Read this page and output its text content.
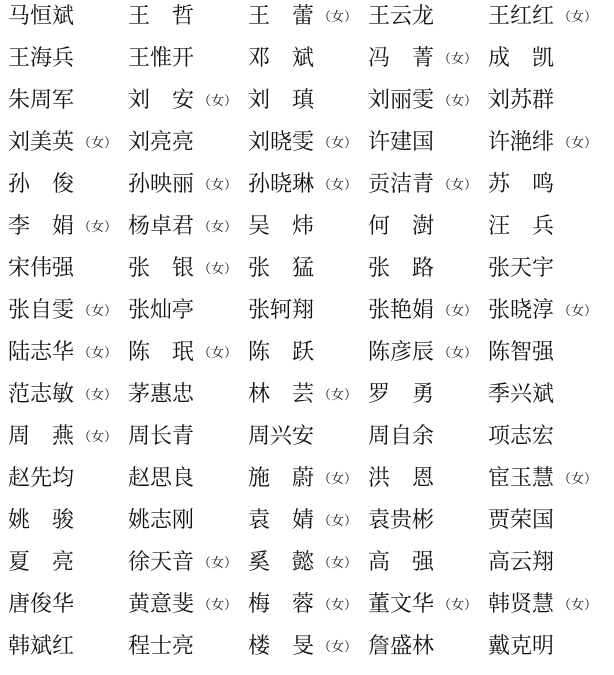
马恒斌 王　哲 王　蕾 （女） 王云龙 王红红 （女）
王海兵 王惟开 邓　斌 冯　菁 （女） 成　凯
朱周军 刘　安 （女） 刘　瑱 刘丽雯 （女） 刘苏群
刘美英 （女） 刘亮亮 刘晓雯 （女） 许建国 许滟绯 （女）
孙　俊 孙映丽 （女） 孙晓琳 （女） 贡洁青 （女） 苏　鸣
李　娟 （女） 杨卓君 （女） 吴　炜 何　澍 汪　兵
宋伟强 张　银 （女） 张　猛 张　路 张天宇
张自雯 （女） 张灿亭 张轲翔 张艳娟 （女） 张晓淳 （女）
陆志华 （女） 陈　珉 （女） 陈　跃 陈彦辰 （女） 陈智强
范志敏 （女） 茅惠忠 林　芸 （女） 罗　勇 季兴斌
周　燕 （女） 周长青 周兴安 周自余 项志宏
赵先均 赵思良 施　蔚 （女） 洪　恩 宦玉慧 （女）
姚　骏 姚志刚 袁　婧 （女） 袁贵彬 贾荣国
夏　亮 徐天音 （女） 奚　懿 （女） 高　强 高云翔
唐俊华 黄意斐 （女） 梅　蓉 （女） 董文华 （女） 韩贤慧 （女）
韩斌红 程士亮 楼　旻 （女） 詹盛林 戴克明
